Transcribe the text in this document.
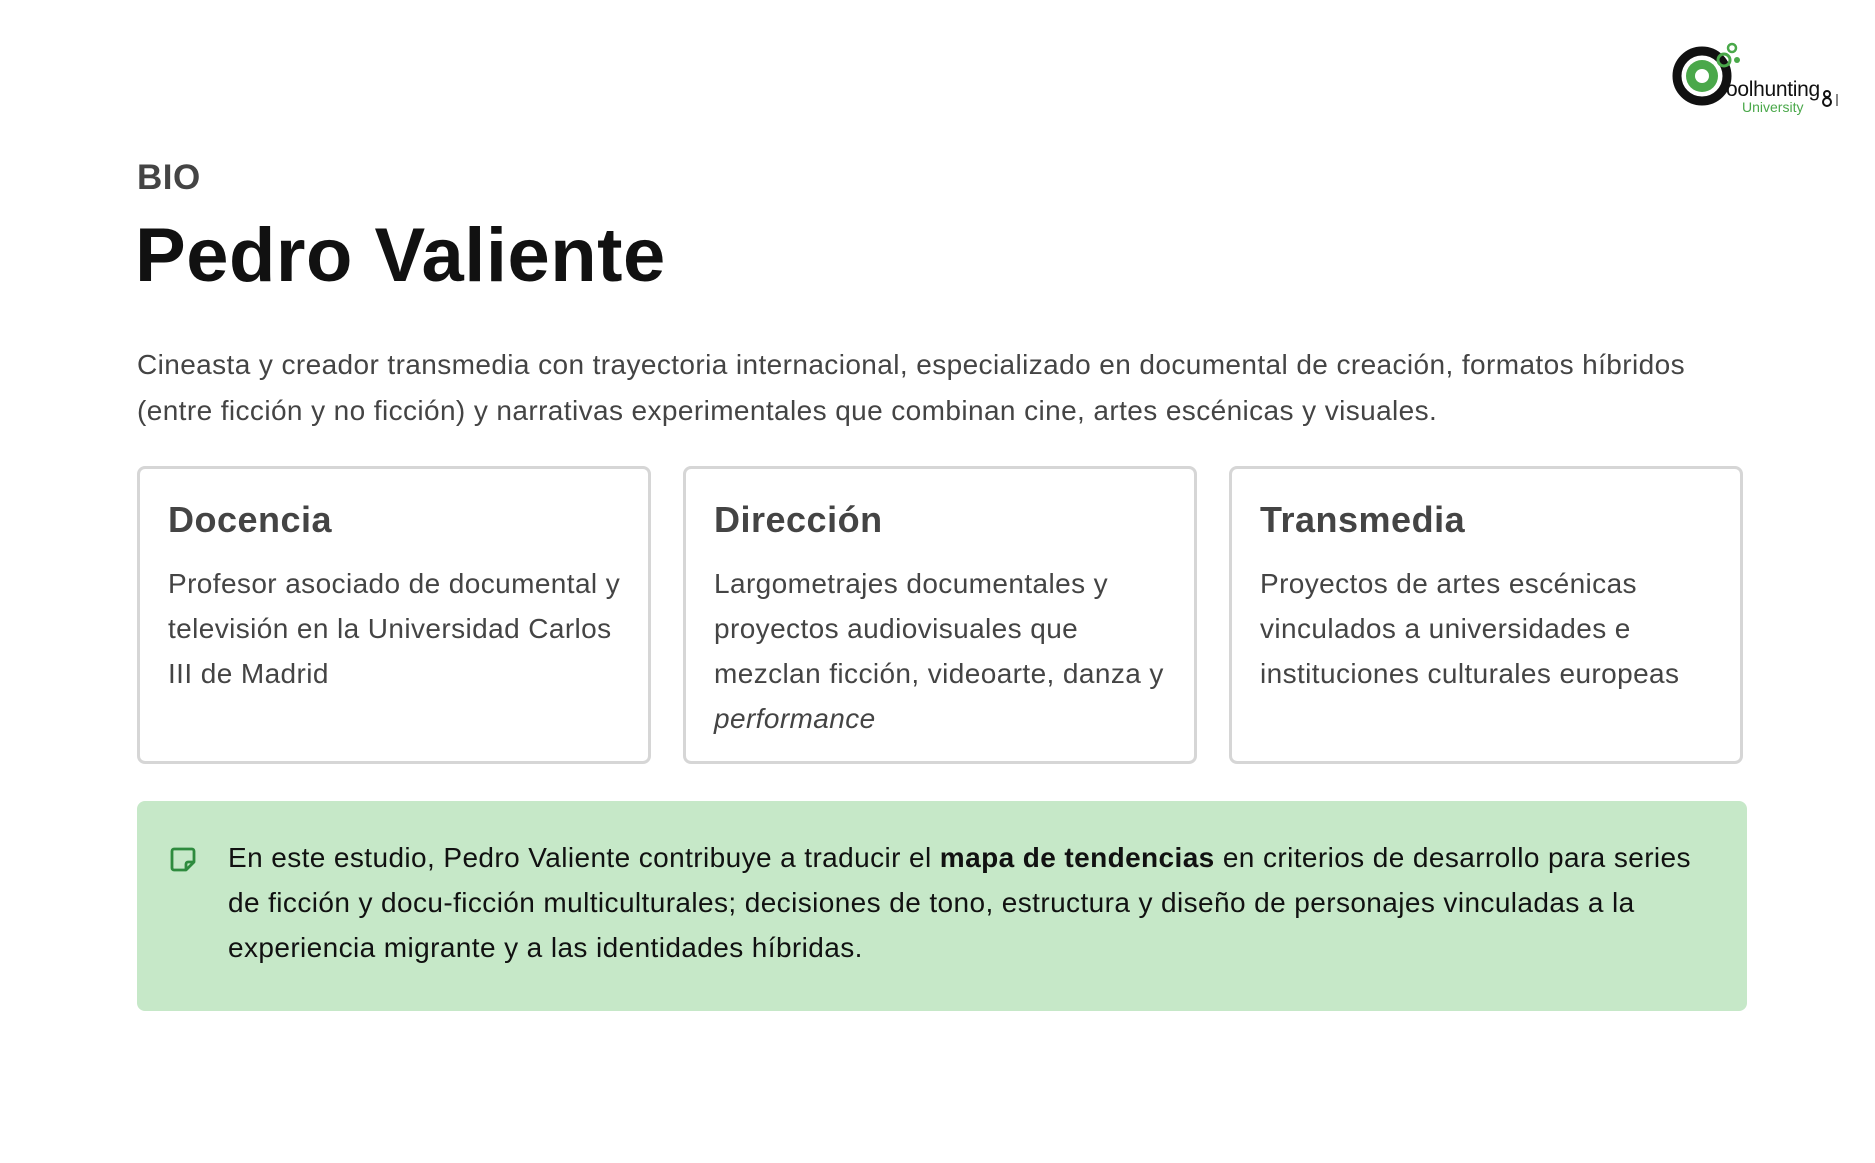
oolhunting
University
BIO
Pedro Valiente

Cineasta y creador transmedia con trayectoria internacional, especializado en documental de creación, formatos híbridos (entre ficción y no ficción) y narrativas experimentales que combinan cine, artes escénicas y visuales.

Docencia

Profesor asociado de documental y televisión en la Universidad Carlos III de Madrid

Dirección

Largometrajes documentales y proyectos audiovisuales que mezclan ficción, videoarte, danza y performance

Transmedia

Proyectos de artes escénicas vinculados a universidades e instituciones culturales europeas

En este estudio, Pedro Valiente contribuye a traducir el mapa de tendencias en criterios de desarrollo para series de ficción y docu-ficción multiculturales; decisiones de tono, estructura y diseño de personajes vinculadas a la experiencia migrante y a las identidades híbridas.
